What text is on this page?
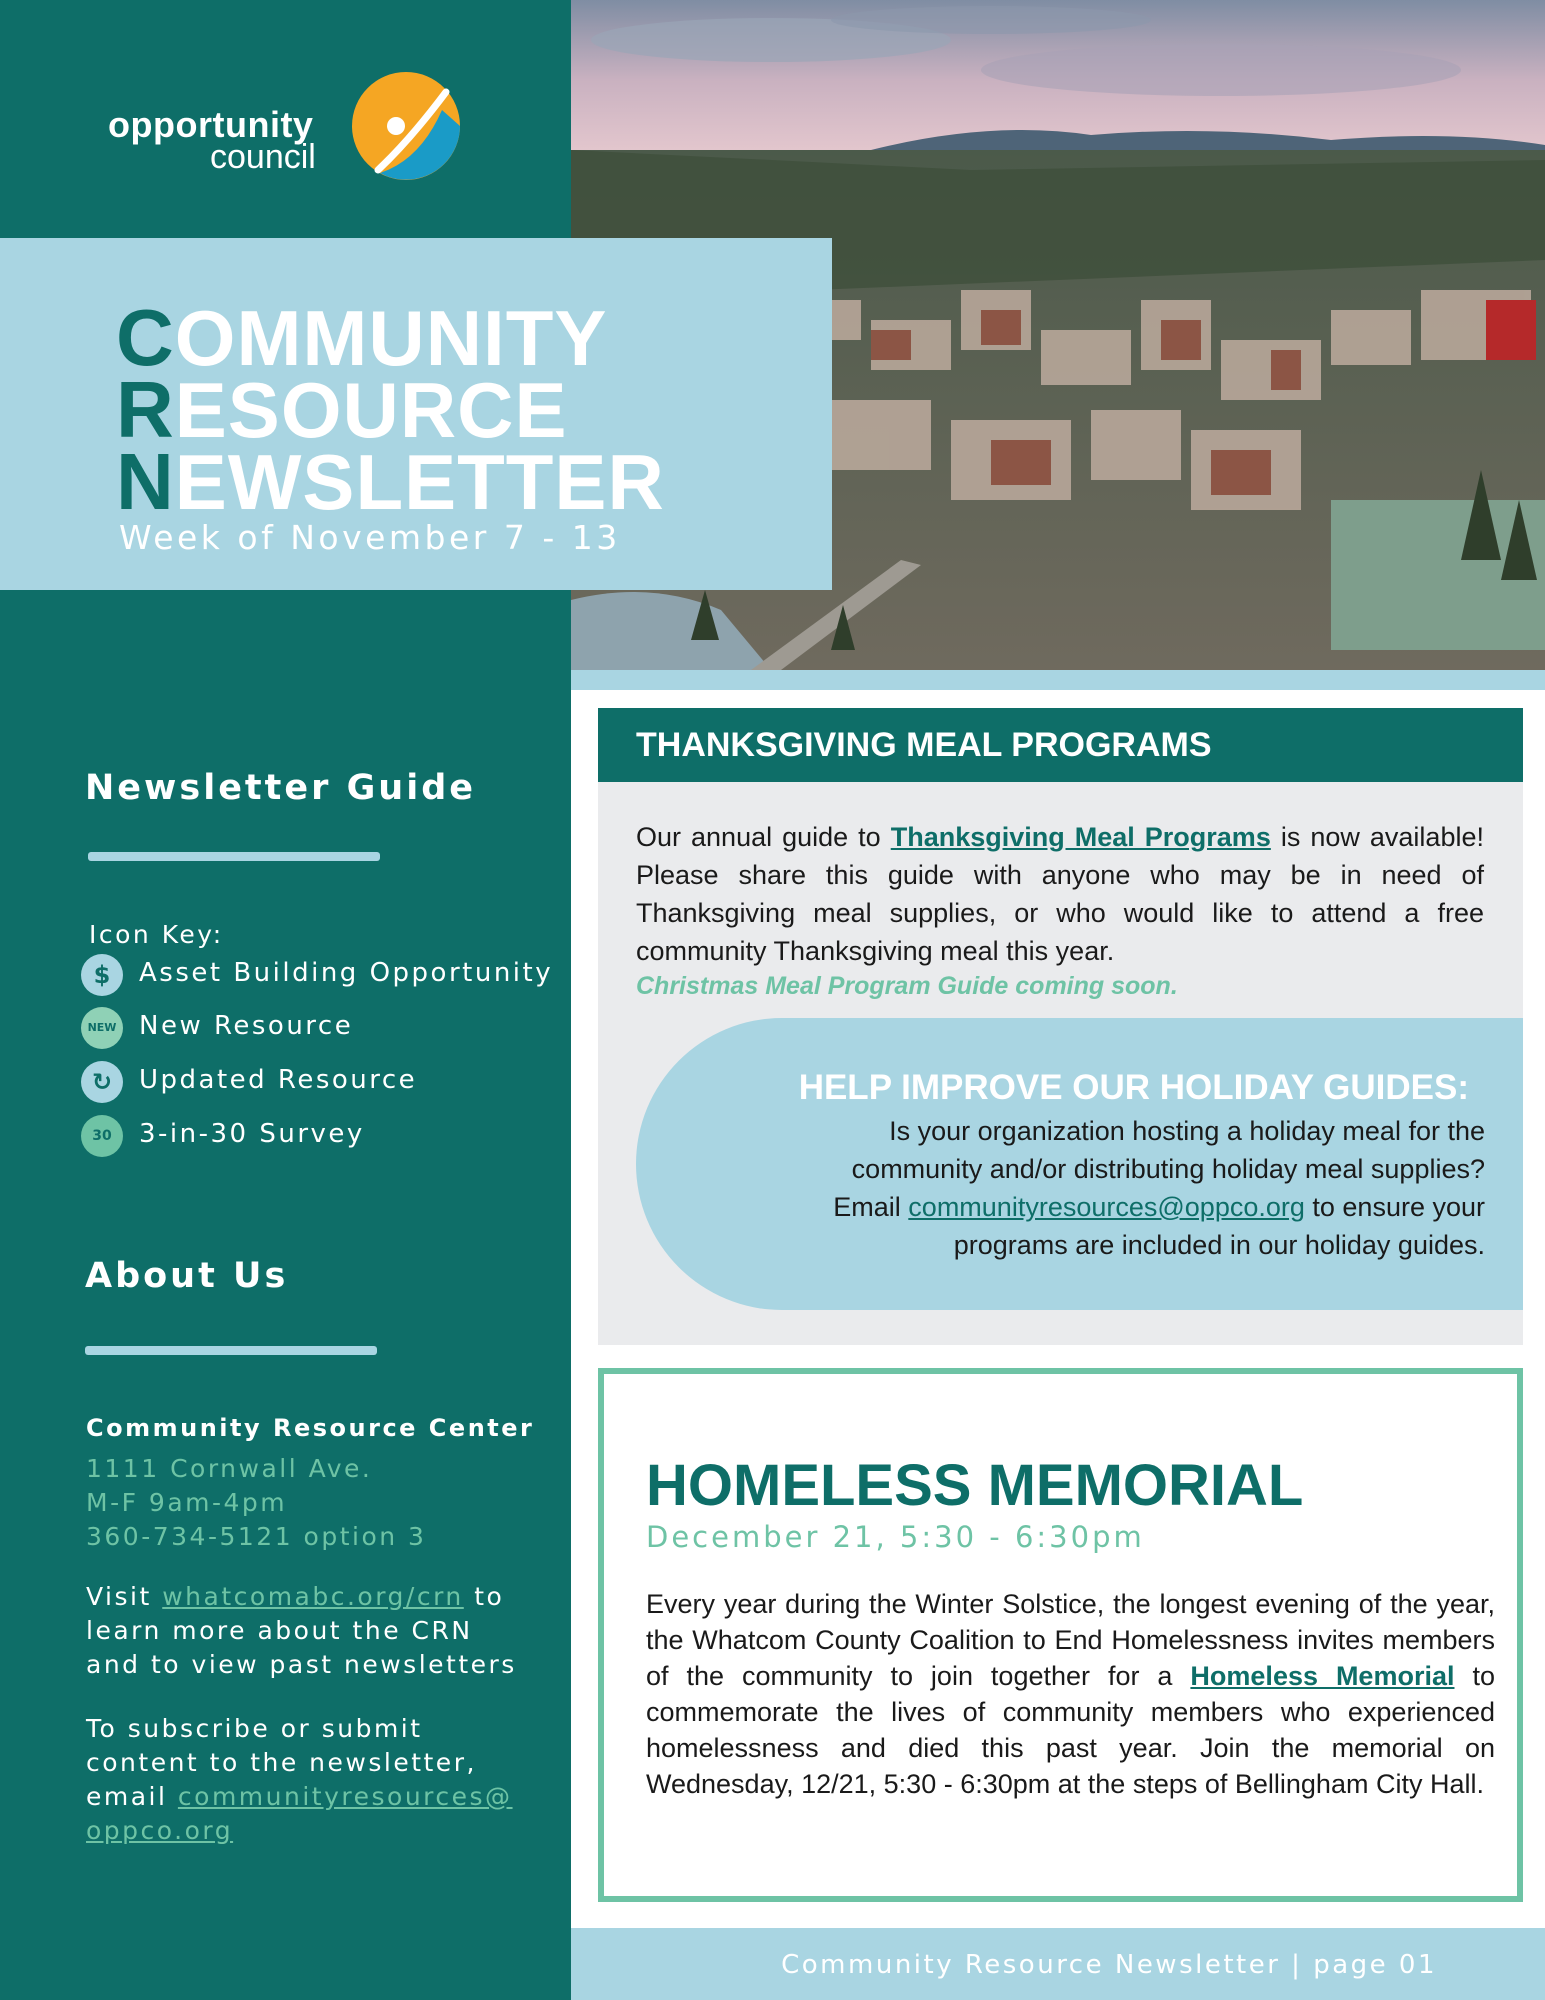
opportunity
council
Newsletter Guide
Icon Key:
$	Asset Building Opportunity
NEW New Resource
↻	Updated Resource
30	3-in-30 Survey
About Us
Community Resource Center
1111 Cornwall Ave.
M-F 9am-4pm
360-734-5121 option 3
Visit whatcomabc.org/crn to
learn more about the CRN
and to view past newsletters
To subscribe or submit
content to the newsletter,
email communityresources@
oppco.org
COMMUNITY
RESOURCE
NEWSLETTER
Week of November 7 - 13
THANKSGIVING MEAL PROGRAMS
Our annual guide to Thanksgiving Meal Programs is now available! Please share this guide with anyone who may be in need of Thanksgiving meal supplies, or who would like to attend a free community Thanksgiving meal this year.
Christmas Meal Program Guide coming soon.
HELP IMPROVE OUR HOLIDAY GUIDES:
Is your organization hosting a holiday meal for the
community and/or distributing holiday meal supplies?
Email communityresources@oppco.org to ensure your
programs are included in our holiday guides.
HOMELESS MEMORIAL
December 21, 5:30 - 6:30pm
Every year during the Winter Solstice, the longest evening of the year, the Whatcom County Coalition to End Homelessness invites members of the community to join together for a Homeless Memorial to commemorate the lives of community members who experienced homelessness and died this past year. Join the memorial on Wednesday, 12/21, 5:30 - 6:30pm at the steps of Bellingham City Hall.
Community Resource Newsletter | page 01
